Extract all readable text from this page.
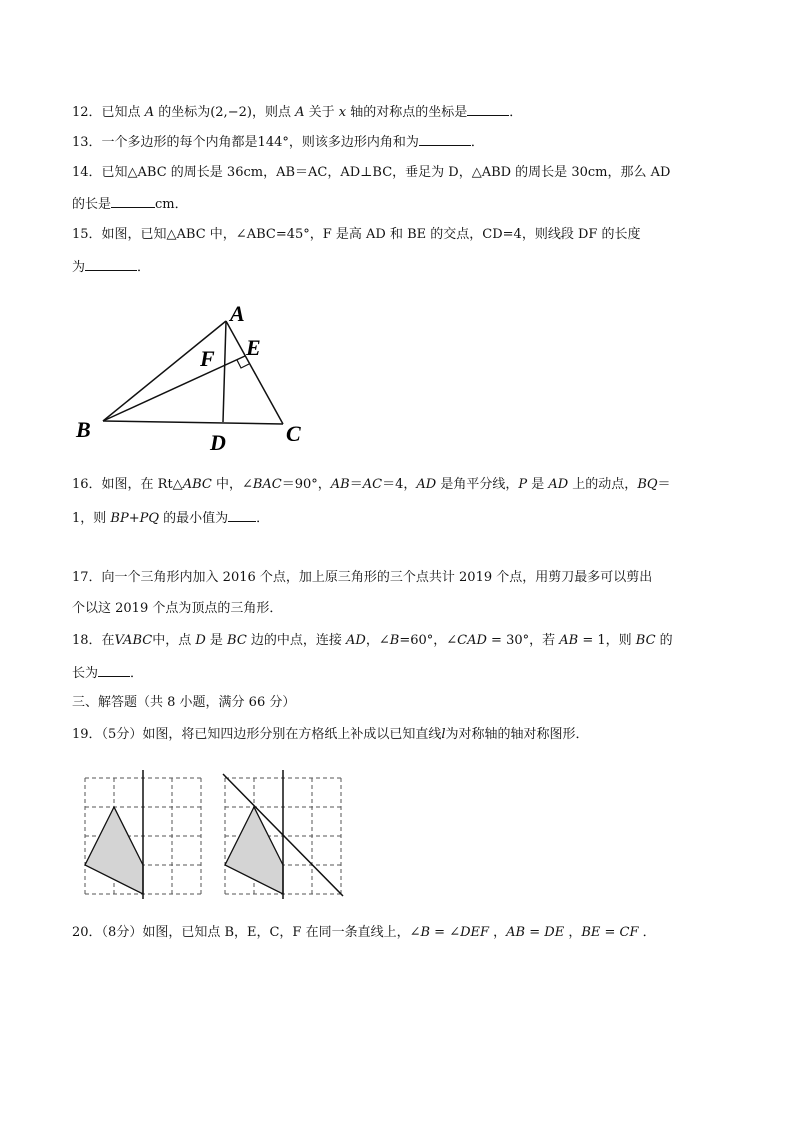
12．已知点 A 的坐标为(2,−2)，则点 A 关于 x 轴的对称点的坐标是	．
13．一个多边形的每个内角都是144°，则该多边形内角和为	．
14．已知△ABC 的周长是 36cm，AB＝AC，AD⊥BC，垂足为 D，△ABD 的周长是 30cm，那么 AD
的长是	cm．
15．如图，已知△ABC 中，∠ABC=45°，F 是高 AD 和 BE 的交点，CD=4，则线段 DF 的长度
为	．
A
E
F
B
D	C
16．如图，在 Rt△ABC 中，∠BAC＝90°，AB＝AC＝4，AD 是角平分线，P 是 AD 上的动点，BQ＝
1，则 BP+PQ 的最小值为 ．
17．向一个三角形内加入 2016 个点，加上原三角形的三个点共计 2019 个点，用剪刀最多可以剪出
个以这 2019 个点为顶点的三角形．
18．在VABC中，点 D 是 BC 边的中点，连接 AD，∠B=60°，∠CAD = 30°，若 AB = 1，则 BC 的
长为 ．
三、解答题（共 8 小题，满分 66 分）
19．（5分）如图，将已知四边形分别在方格纸上补成以已知直线l为对称轴的轴对称图形．
20．（8分）如图，已知点 B，E，C，F 在同一条直线上，∠B = ∠DEF ，AB = DE ，BE = CF ．
